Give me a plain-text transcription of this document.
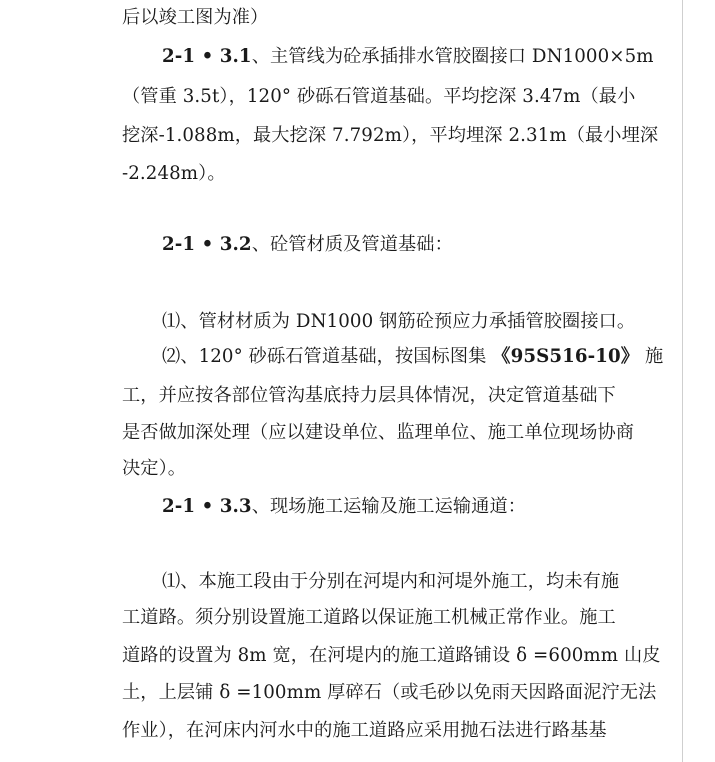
后以竣工图为准）
2-1 • 3.1、主管线为砼承插排水管胶圈接口 DN1000×5m
（管重 3.5t），120° 砂砾石管道基础。平均挖深 3.47m（最小
挖深-1.088m，最大挖深 7.792m），平均埋深 2.31m（最小埋深
-2.248m）。
2-1 • 3.2、砼管材质及管道基础：
⑴、管材材质为 DN1000 钢筋砼预应力承插管胶圈接口。
⑵、120° 砂砾石管道基础，按国标图集 《95S516-10》 施
工，并应按各部位管沟基底持力层具体情况，决定管道基础下
是否做加深处理（应以建设单位、监理单位、施工单位现场协商
决定）。
2-1 • 3.3、现场施工运输及施工运输通道：
⑴、本施工段由于分别在河堤内和河堤外施工，均未有施
工道路。须分别设置施工道路以保证施工机械正常作业。施工
道路的设置为 8m 宽，在河堤内的施工道路铺设 δ =600mm 山皮
土，上层铺 δ =100mm 厚碎石（或毛砂以免雨天因路面泥泞无法
作业），在河床内河水中的施工道路应采用抛石法进行路基基
